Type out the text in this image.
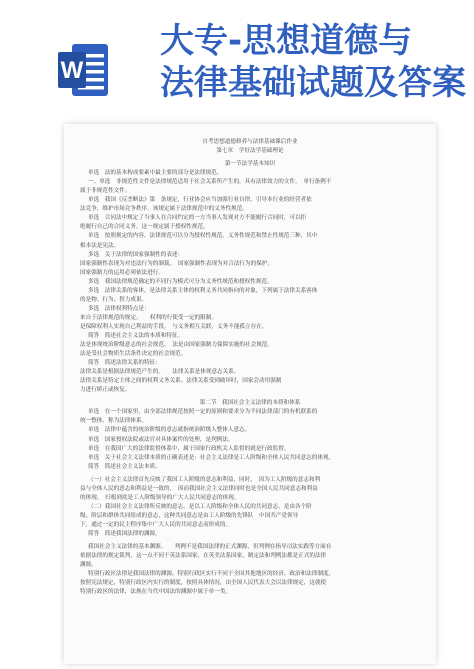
W
大专-思想道德与
法律基础试题及答案

自考思想道德修养与法律基础课后作业

第七章　学好法学基础理论

第一节法学基本知识

单选　法的基本构成要素中最主要的部分是法律规范。

一、单选　非规范性文件是法律规范适用于社会关系所产生的，具有法律效力的文件。　单行条例不

属于非规范性文件。

单选　我国《反垄断法》第　条规定，行业协会应当加强行业自律，引导本行业的经营者依

法竞争，维护市场竞争秩序。该规定属于法律规范中的义务性规范。

单选　合同法中规定了当事人在合同约定的一方当事人发现对方不能履行合同时，可以拒

绝履行自己的合同义务，这一规定属于授权性规范。

单选　按照规定的内容，法律规范可以分为授权性规范、义务性规范和禁止性规范三种，其中

根本法是宪法。

多选　关于法律的国家强制性的表述：

国家强制性表现为对违法行为的制裁。　国家强制性表现为对合法行为的保护。

国家强制力的运用必须依法进行。

多选　我国法律规范确定的不同行为模式可分为义务性规范和授权性规范。

多选　法律关系的客体，是法律关系主体的权利义务共同指向的对象，下列属于法律关系客体

的是物、行为、智力成果。

多选　法律权利特点是：

来自于法律规范的规定。　　权利的行使受一定的限制。

是保障权利人实现自己利益的手段。　与义务相互关联，义务不能孤立存在。

简答　简述社会主义法的本质和特征。

法是体现统治阶级意志的社会规范。　法是由国家强制力保障实施的社会规范。

法是受社会物质生活条件决定的社会规范。

简答　简述法律关系的特征：

法律关系是根据法律规范产生的。　　法律关系是体现意志关系。

法律关系是特定主体之间的权利义务关系。法律关系受到破坏时，国家会动用强制

力进行矫正或恢复。

第二节　我国社会主义法律的本质和体系

单选　在一个国家里，由全部法律规范按照一定的原则和要求分为不同法律部门的有机联系的

统一整体，称为法律体系。

单选　法律中蕴含的统治阶级的意志就指统治阶级人整体人意志。

单选　国家授权法院或法官对具体案件的处理，是判例法。

单选　在我国广大的法律监督体系中，属于国家行政机关人监督的就是行政监督。

单选　关于社会主义法律本质的正确表述是：社会主义法律是工人阶级和全体人民共同意志的体现。

简答　简述社会主义法本质。

（一）社会主义法律首先反映了我国工人阶级的意志和利益，同时，　因为工人阶级的意志和利

益与全体人民的意志和利益是一致的，　因而我国社会主义法律同时也是全国人民共同意志和利益

的体现。　归根到底是工人阶级领导的广大人民共同意志的体现。

（二）我国社会主义法律所反映的意志，是以工人阶级和全体人民的共同意志，是由各个阶

级、阶层和群体共同组成的意志，这种共同意志是由工人阶级的先锋队　中国共产党领导

下，通过一定的民主程序集中广大人民的共同意志而形成的。

简答　简述我国法律的渊源。

我国社会主义法律的基本渊源。　　判例不是我国法律的正式渊源，但判例在指导司法实践等方面有

依据法律的规定裁判，这一点不同于英法系国家，在英美法系国家，制定法和判例法都是正式的法律

渊源。

特别行政区法律是我国法律的渊源。特别行政区实行不同于全国其他地区的经济、政治和法律制度，

按照宪法规定，特别行政区内实行的制度，按照具体情况，由全国人民代表大会以法律规定，这就使

特别行政区的法律，法规在当代中国法的渊源中属于单一类。
